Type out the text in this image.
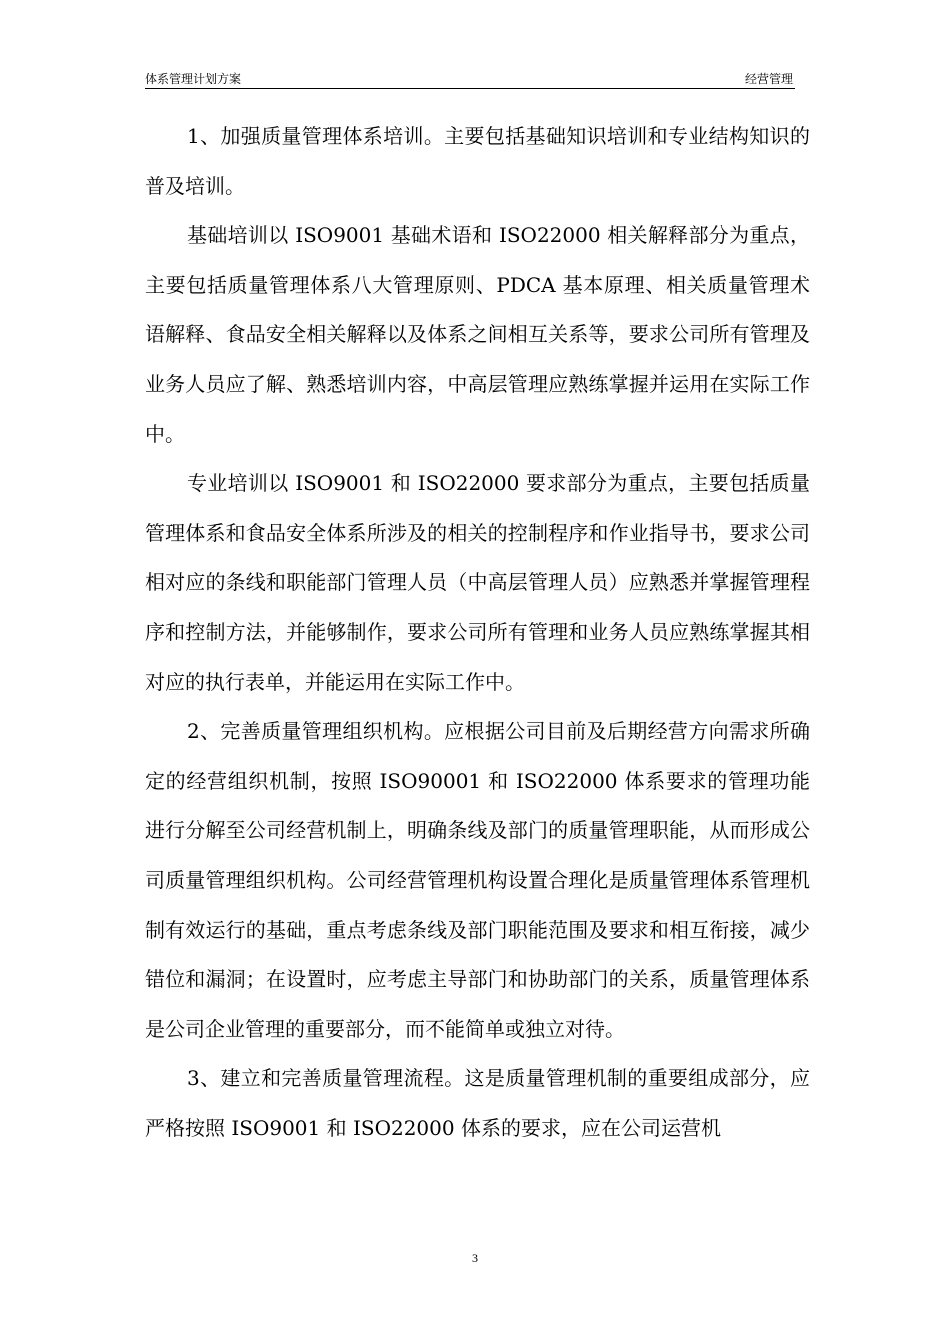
体系管理计划方案	经营管理

1、加强质量管理体系培训。主要包括基础知识培训和专业结构知识的普及培训。

基础培训以 ISO9001 基础术语和 ISO22000 相关解释部分为重点，主要包括质量管理体系八大管理原则、PDCA 基本原理、相关质量管理术语解释、食品安全相关解释以及体系之间相互关系等，要求公司所有管理及业务人员应了解、熟悉培训内容，中高层管理应熟练掌握并运用在实际工作中。

专业培训以 ISO9001 和 ISO22000 要求部分为重点，主要包括质量管理体系和食品安全体系所涉及的相关的控制程序和作业指导书，要求公司相对应的条线和职能部门管理人员（中高层管理人员）应熟悉并掌握管理程序和控制方法，并能够制作，要求公司所有管理和业务人员应熟练掌握其相对应的执行表单，并能运用在实际工作中。

2、完善质量管理组织机构。应根据公司目前及后期经营方向需求所确定的经营组织机制，按照 ISO90001 和 ISO22000 体系要求的管理功能进行分解至公司经营机制上，明确条线及部门的质量管理职能，从而形成公司质量管理组织机构。公司经营管理机构设置合理化是质量管理体系管理机制有效运行的基础，重点考虑条线及部门职能范围及要求和相互衔接，减少错位和漏洞；在设置时，应考虑主导部门和协助部门的关系，质量管理体系是公司企业管理的重要部分，而不能简单或独立对待。

3、建立和完善质量管理流程。这是质量管理机制的重要组成部分，应严格按照 ISO9001 和 ISO22000 体系的要求，应在公司运营机

3
